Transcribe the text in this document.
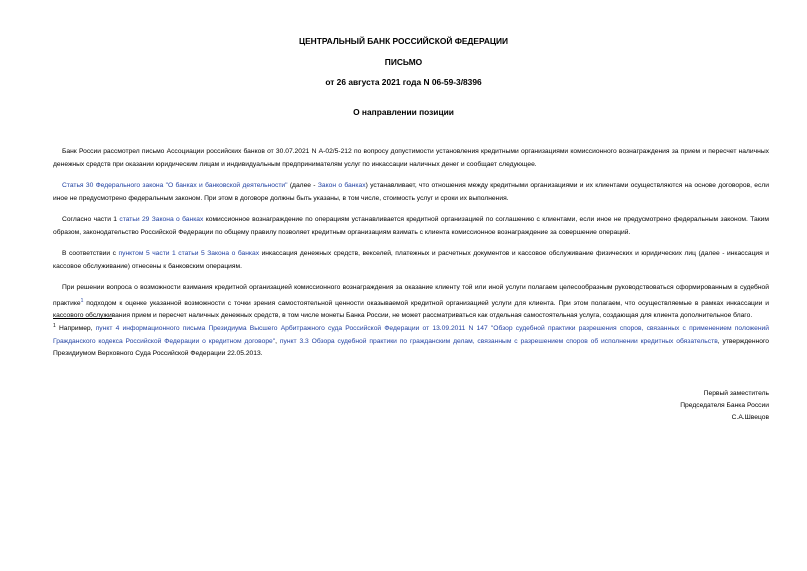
ЦЕНТРАЛЬНЫЙ БАНК РОССИЙСКОЙ ФЕДЕРАЦИИ
ПИСЬМО
от 26 августа 2021 года N 06-59-3/8396
О направлении позиции

Банк России рассмотрел письмо Ассоциации российских банков от 30.07.2021 N А-02/5-212 по вопросу допустимости установления кредитными организациями комиссионного вознаграждения за прием и пересчет наличных денежных средств при оказании юридическим лицам и индивидуальным предпринимателям услуг по инкассации наличных денег и сообщает следующее.

Статья 30 Федерального закона "О банках и банковской деятельности" (далее - Закон о банках) устанавливает, что отношения между кредитными организациями и их клиентами осуществляются на основе договоров, если иное не предусмотрено федеральным законом. При этом в договоре должны быть указаны, в том числе, стоимость услуг и сроки их выполнения.

Согласно части 1 статьи 29 Закона о банках комиссионное вознаграждение по операциям устанавливается кредитной организацией по соглашению с клиентами, если иное не предусмотрено федеральным законом. Таким образом, законодательство Российской Федерации по общему правилу позволяет кредитным организациям взимать с клиента комиссионное вознаграждение за совершение операций.

В соответствии с пунктом 5 части 1 статьи 5 Закона о банках инкассация денежных средств, векселей, платежных и расчетных документов и кассовое обслуживание физических и юридических лиц (далее - инкассация и кассовое обслуживание) отнесены к банковским операциям.

При решении вопроса о возможности взимания кредитной организацией комиссионного вознаграждения за оказание клиенту той или иной услуги полагаем целесообразным руководствоваться сформированным в судебной практике$^1$ подходом к оценке указанной возможности с точки зрения самостоятельной ценности оказываемой кредитной организацией услуги для клиента. При этом полагаем, что осуществляемые в рамках инкассации и кассового обслуживания прием и пересчет наличных денежных средств, в том числе монеты Банка России, не может рассматриваться как отдельная самостоятельная услуга, создающая для клиента дополнительное благо.

$^1$ Например, пункт 4 информационного письма Президиума Высшего Арбитражного суда Российской Федерации от 13.09.2011 N 147 "Обзор судебной практики разрешения споров, связанных с применением положений Гражданского кодекса Российской Федерации о кредитном договоре", пункт 3.3 Обзора судебной практики по гражданским делам, связанным с разрешением споров об исполнении кредитных обязательств, утвержденного Президиумом Верховного Суда Российской Федерации 22.05.2013.
Первый заместитель
Председателя Банка России
С.А.Швецов
